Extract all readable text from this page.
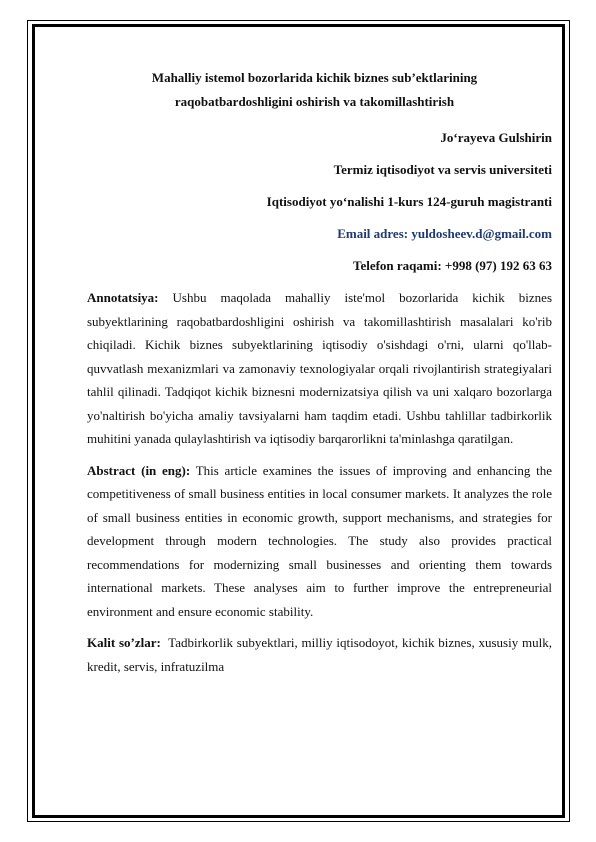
Mahalliy istemol bozorlarida kichik biznes sub’ektlarining
raqobatbardoshligini oshirish va takomillashtirish

Jo‘rayeva Gulshirin

Termiz iqtisodiyot va servis universiteti

Iqtisodiyot yo‘nalishi 1-kurs 124-guruh magistranti

Email adres: yuldosheev.d@gmail.com

Telefon raqami: +998 (97) 192 63 63

Annotatsiya: Ushbu maqolada mahalliy iste'mol bozorlarida kichik biznes subyektlarining raqobatbardoshligini oshirish va takomillashtirish masalalari ko'rib chiqiladi. Kichik biznes subyektlarining iqtisodiy o'sishdagi o'rni, ularni qo'llab-quvvatlash mexanizmlari va zamonaviy texnologiyalar orqali rivojlantirish strategiyalari tahlil qilinadi. Tadqiqot kichik biznesni modernizatsiya qilish va uni xalqaro bozorlarga yo'naltirish bo'yicha amaliy tavsiyalarni ham taqdim etadi. Ushbu tahlillar tadbirkorlik muhitini yanada qulaylashtirish va iqtisodiy barqarorlikni ta'minlashga qaratilgan.

Abstract (in eng): This article examines the issues of improving and enhancing the competitiveness of small business entities in local consumer markets. It analyzes the role of small business entities in economic growth, support mechanisms, and strategies for development through modern technologies. The study also provides practical recommendations for modernizing small businesses and orienting them towards international markets. These analyses aim to further improve the entrepreneurial environment and ensure economic stability.

Kalit so’zlar: Tadbirkorlik subyektlari, milliy iqtisodoyot, kichik biznes, xususiy mulk, kredit, servis, infratuzilma
